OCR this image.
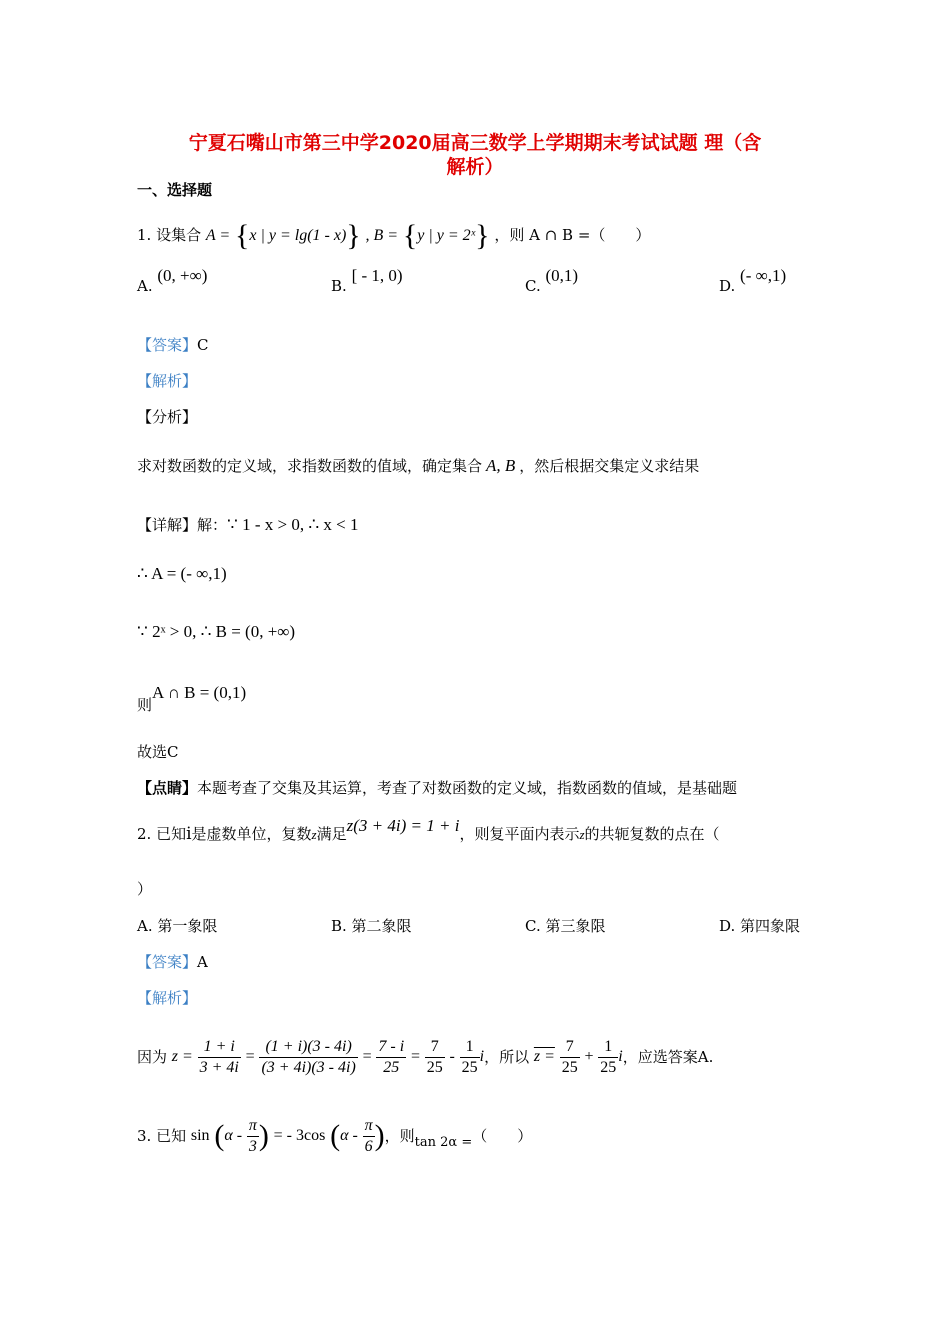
宁夏石嘴山市第三中学2020届高三数学上学期期末考试试题 理（含
解析）
一、选择题
1. 设集合 A = {x | y = lg(1 - x)} , B = {y | y = 2ˣ} ，则 A ∩ B =（　　）
A. (0, +∞)
B. [ - 1, 0)
C. (0,1)
D. (- ∞,1)
【答案】C
【解析】
【分析】
求对数函数的定义域，求指数函数的值域，确定集合 A, B ，然后根据交集定义求结果
【详解】解：∵ 1 - x > 0, ∴ x < 1
∴ A = (- ∞,1)
∵ 2ˣ > 0, ∴ B = (0, +∞)
则A ∩ B = (0,1)
故选C
【点睛】本题考查了交集及其运算，考查了对数函数的定义域，指数函数的值域，是基础题
2. 已知i是虚数单位，复数z满足z(3 + 4i) = 1 + i，则复平面内表示z的共轭复数的点在（
）
A. 第一象限	B. 第二象限	C. 第三象限	D. 第四象限
【答案】A
【解析】
因为 $z = \frac{1 + i}{3 + 4i} = \frac{(1 + i)(3 - 4i)}{(3 + 4i)(3 - 4i)} = \frac{7 - i}{25} = \frac{7}{25} - \frac{1}{25}$ i，所以 $z = \frac{7}{25} + \frac{1}{25}$ i，应选答案A.
3. 已知 $\sin (\alpha - \frac{\pi}{3}$ ) = - 3cos ($\alpha - \frac{\pi}{6}$ )，则tan 2α =（　　）
